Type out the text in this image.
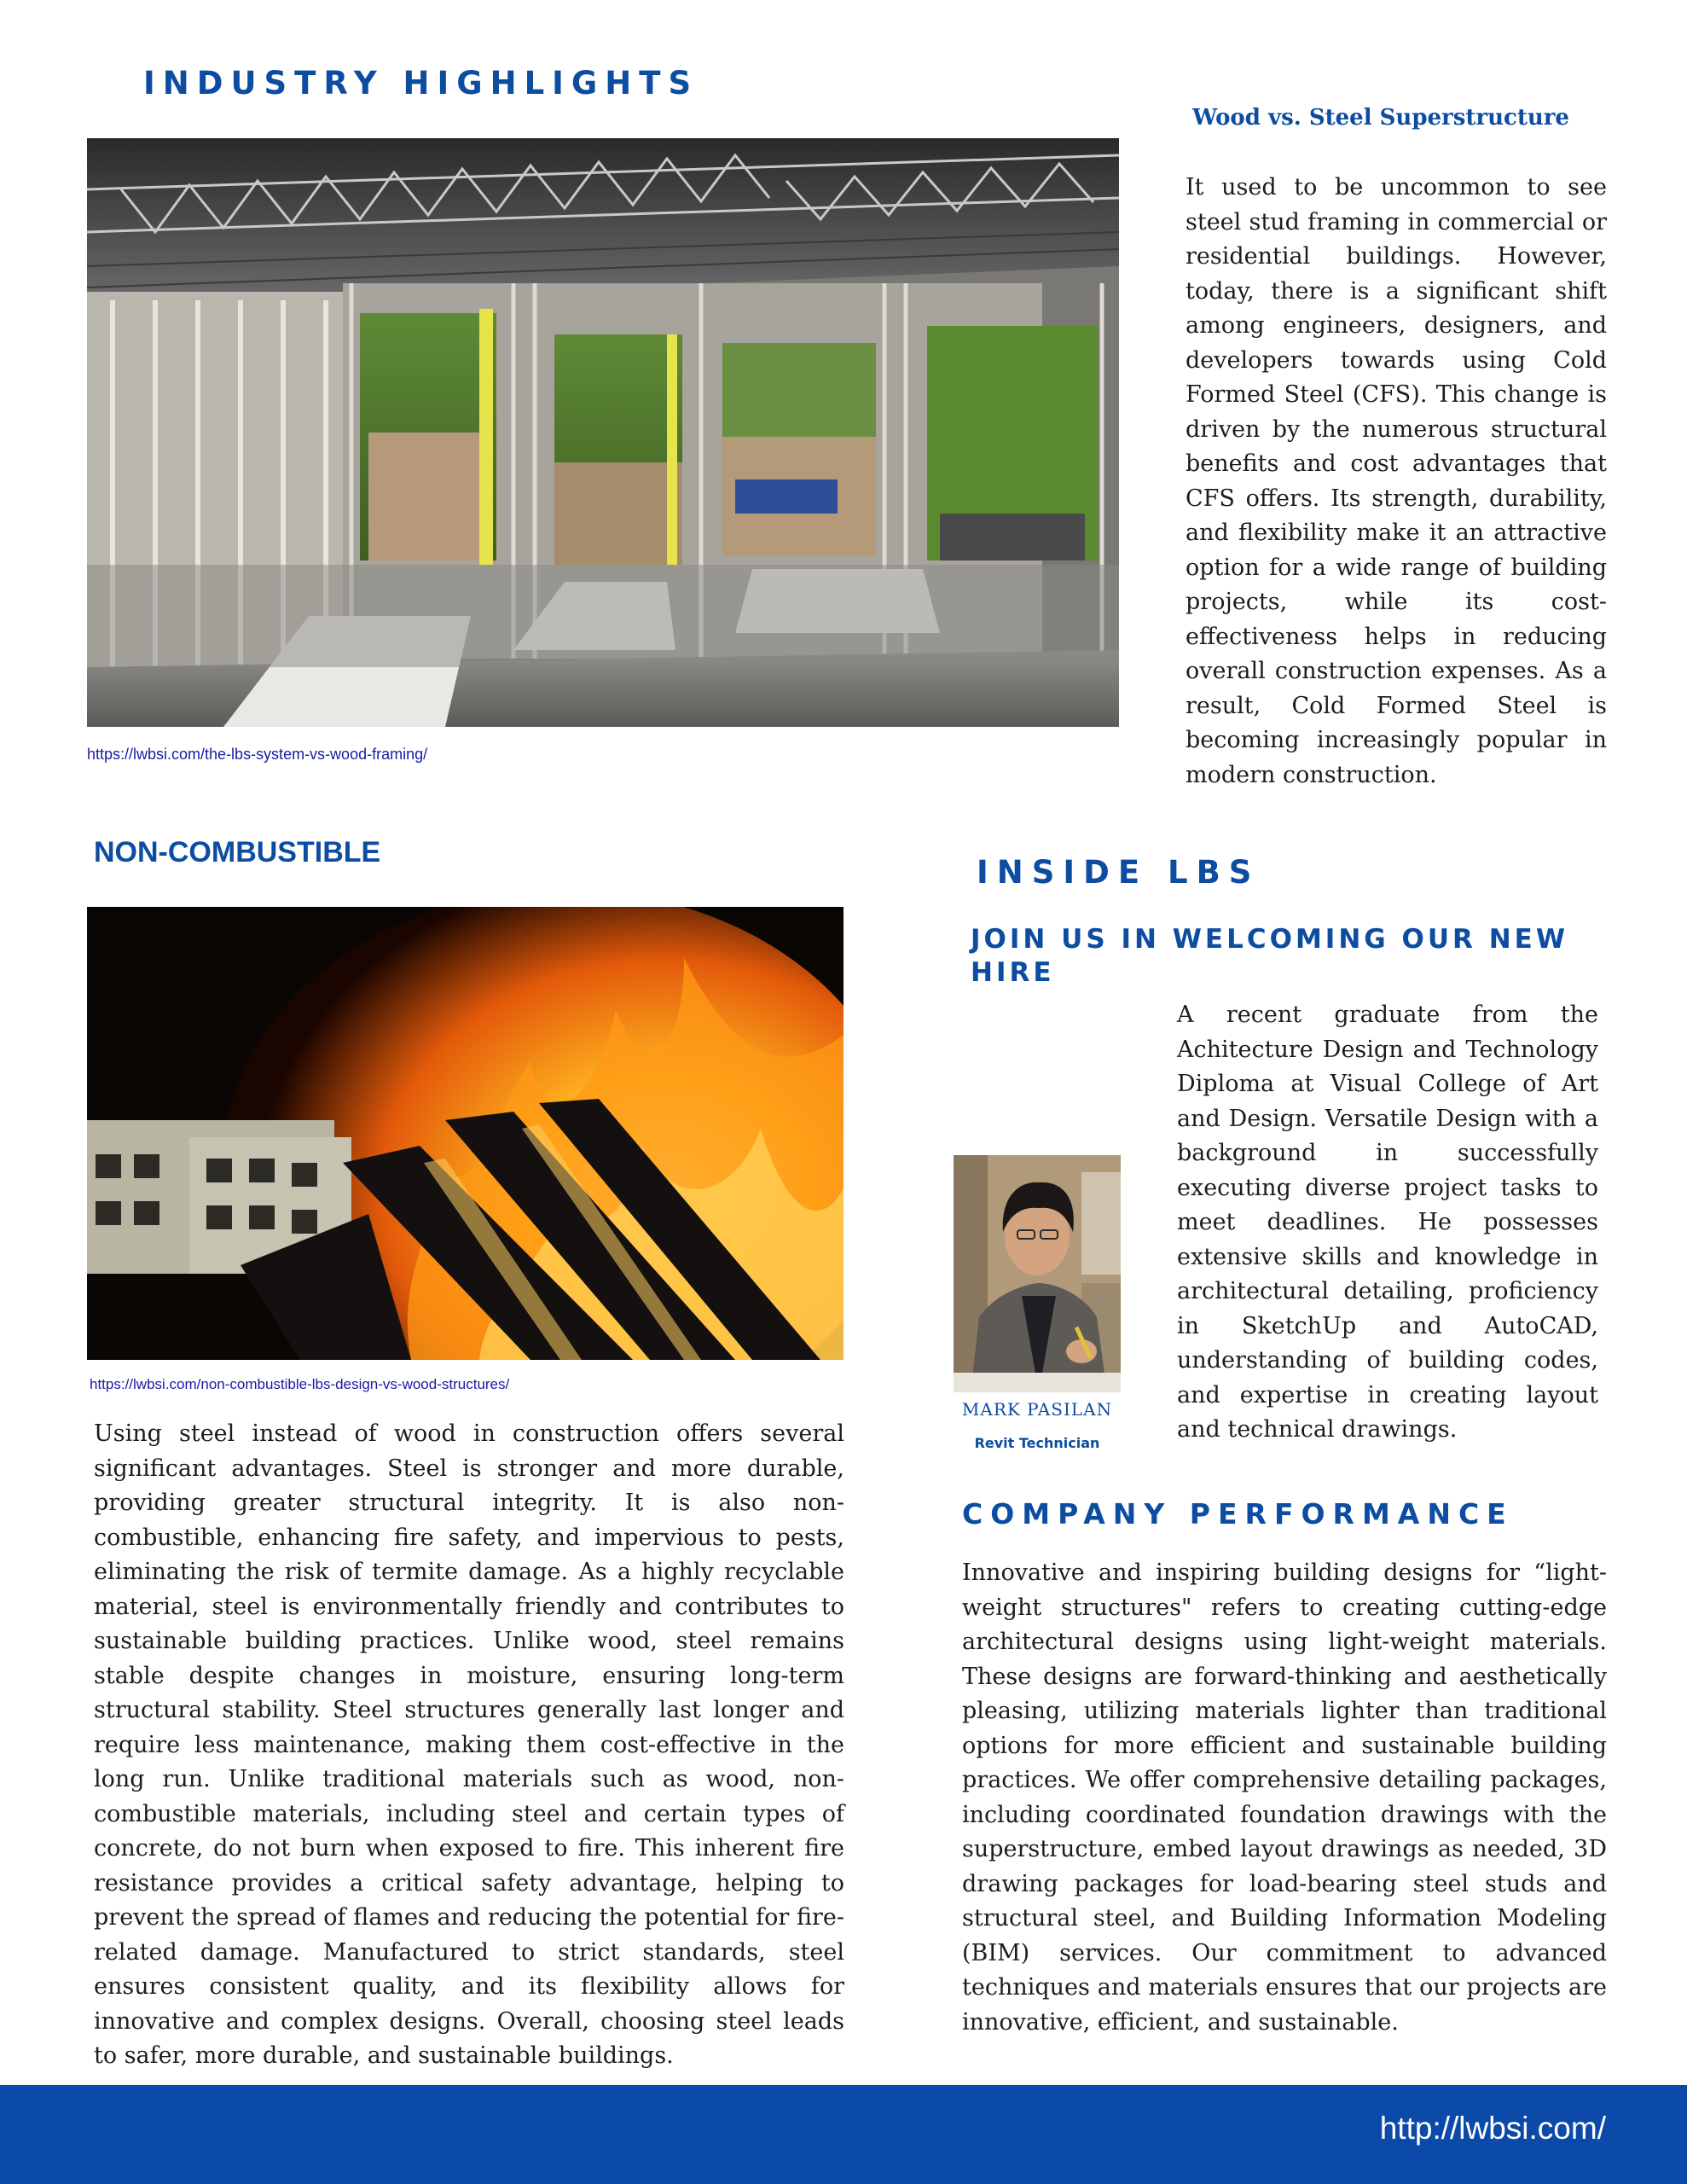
INDUSTRY HIGHLIGHTS
https://lwbsi.com/the-lbs-system-vs-wood-framing/
Wood vs. Steel Superstructure
It used to be uncommon to see steel stud framing in commercial or residential buildings. However, today, there is a significant shift among engineers, designers, and developers towards using Cold Formed Steel (CFS). This change is driven by the numerous structural benefits and cost advantages that CFS offers. Its strength, durability, and flexibility make it an attractive option for a wide range of building projects, while its cost-effectiveness helps in reducing overall construction expenses. As a result, Cold Formed Steel is becoming increasingly popular in modern construction.
NON-COMBUSTIBLE
https://lwbsi.com/non-combustible-lbs-design-vs-wood-structures/
Using steel instead of wood in construction offers several significant advantages. Steel is stronger and more durable, providing greater structural integrity. It is also non-combustible, enhancing fire safety, and impervious to pests, eliminating the risk of termite damage. As a highly recyclable material, steel is environmentally friendly and contributes to sustainable building practices. Unlike wood, steel remains stable despite changes in moisture, ensuring long-term structural stability. Steel structures generally last longer and require less maintenance, making them cost-effective in the long run. Unlike traditional materials such as wood, non-combustible materials, including steel and certain types of concrete, do not burn when exposed to fire. This inherent fire resistance provides a critical safety advantage, helping to prevent the spread of flames and reducing the potential for fire-related damage. Manufactured to strict standards, steel ensures consistent quality, and its flexibility allows for innovative and complex designs. Overall, choosing steel leads to safer, more durable, and sustainable buildings.
INSIDE LBS
JOIN US IN WELCOMING OUR NEW HIRE
MARK PASILAN
Revit Technician
A recent graduate from the Achitecture Design and Technology Diploma at Visual College of Art and Design. Versatile Design with a background in successfully executing diverse project tasks to meet deadlines. He possesses extensive skills and knowledge in architectural detailing, proficiency in SketchUp and AutoCAD, understanding of building codes, and expertise in creating layout and technical drawings.
COMPANY PERFORMANCE
Innovative and inspiring building designs for “light-weight structures" refers to creating cutting-edge architectural designs using light-weight materials. These designs are forward-thinking and aesthetically pleasing, utilizing materials lighter than traditional options for more efficient and sustainable building practices. We offer comprehensive detailing packages, including coordinated foundation drawings with the superstructure, embed layout drawings as needed, 3D drawing packages for load-bearing steel studs and structural steel, and Building Information Modeling (BIM) services. Our commitment to advanced techniques and materials ensures that our projects are innovative, efficient, and sustainable.
http://lwbsi.com/
